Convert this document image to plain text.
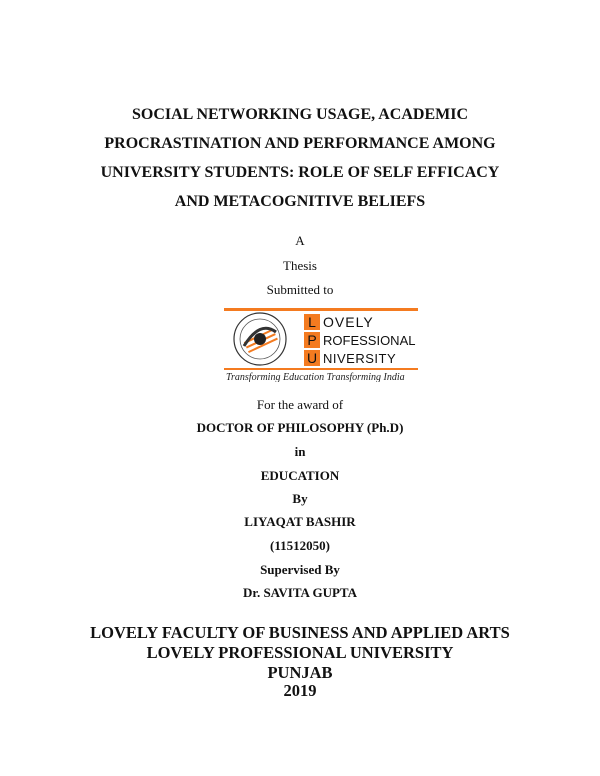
SOCIAL NETWORKING USAGE, ACADEMIC
PROCRASTINATION AND PERFORMANCE AMONG
UNIVERSITY STUDENTS: ROLE OF SELF EFFICACY
AND METACOGNITIVE BELIEFS
A
Thesis
Submitted to
Transforming Education Transforming India
L
P
U
OVELY
ROFESSIONAL
NIVERSITY
For the award of
DOCTOR OF PHILOSOPHY (Ph.D)
in
EDUCATION
By
LIYAQAT BASHIR
(11512050)
Supervised By
Dr. SAVITA GUPTA
LOVELY FACULTY OF BUSINESS AND APPLIED ARTS
LOVELY PROFESSIONAL UNIVERSITY
PUNJAB
2019
